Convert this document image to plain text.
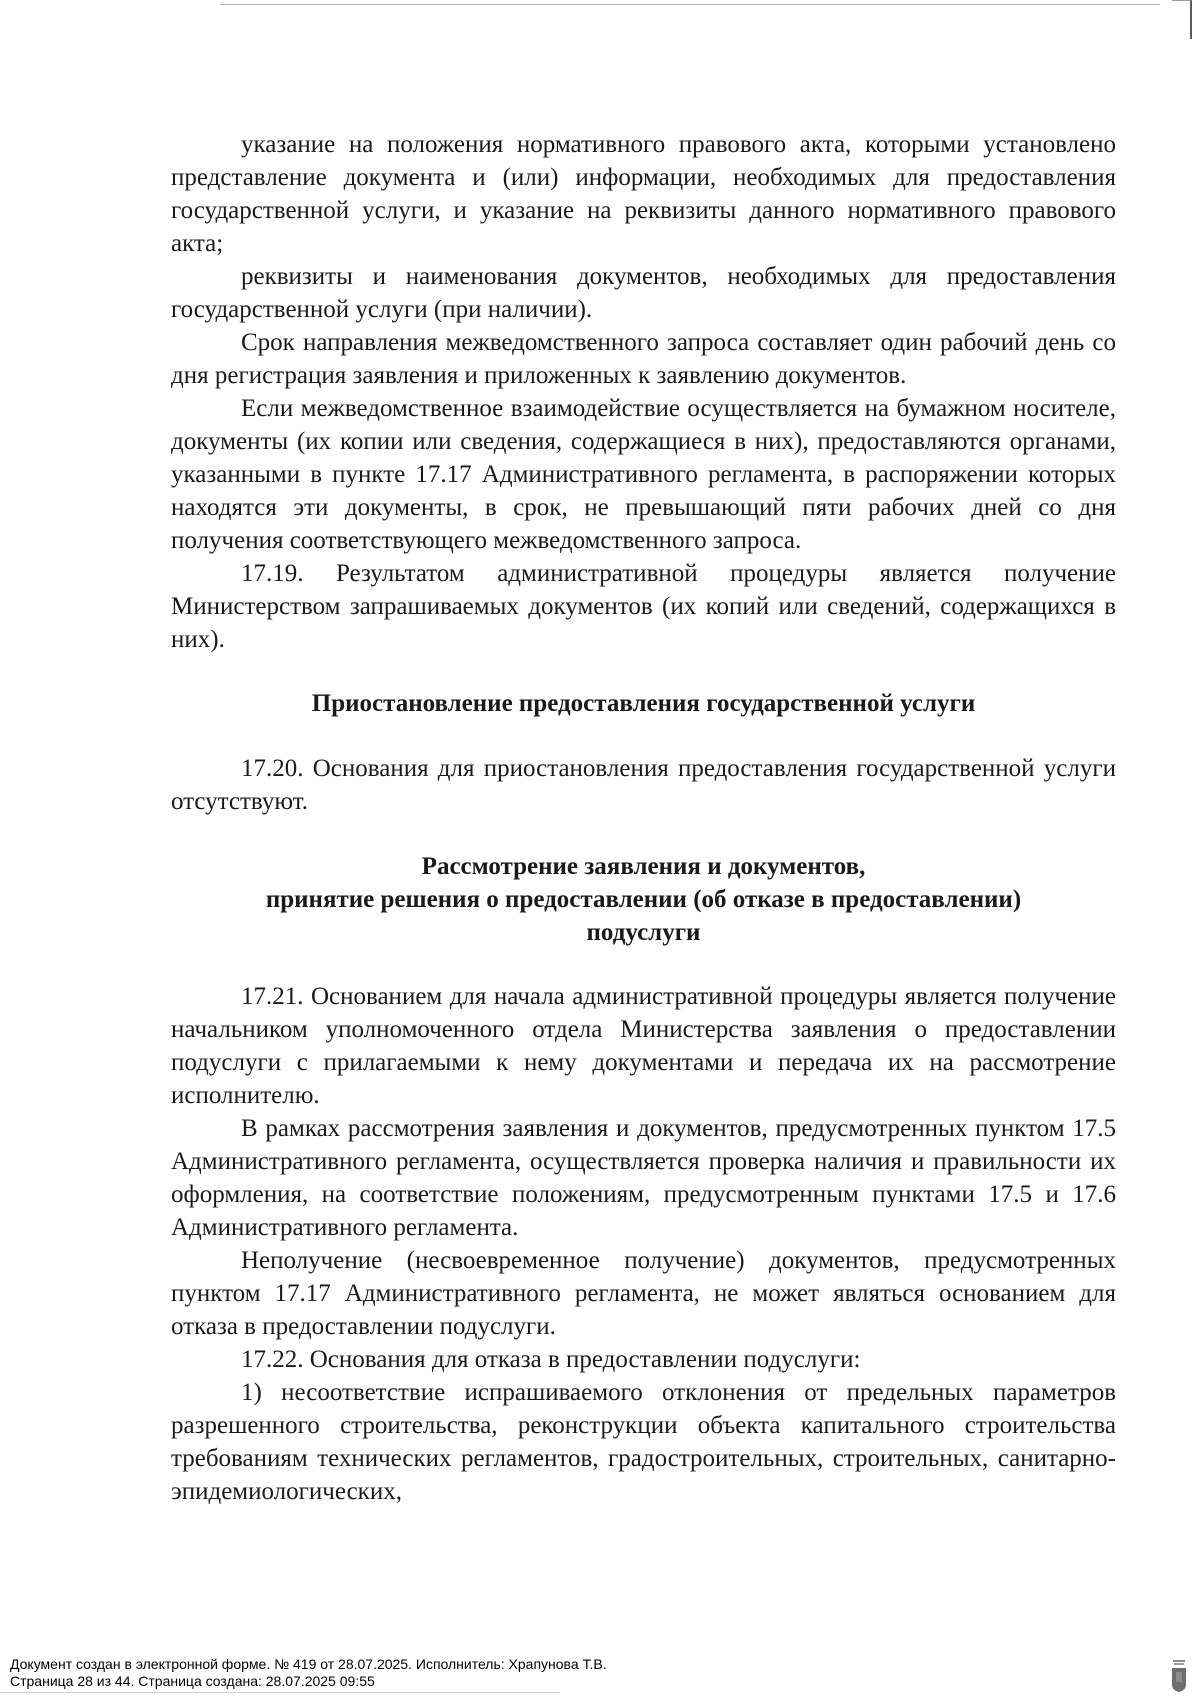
указание на положения нормативного правового акта, которыми установлено представление документа и (или) информации, необходимых для предоставления государственной услуги, и указание на реквизиты данного нормативного правового акта;

реквизиты и наименования документов, необходимых для предоставления государственной услуги (при наличии).

Срок направления межведомственного запроса составляет один рабочий день со дня регистрация заявления и приложенных к заявлению документов.

Если межведомственное взаимодействие осуществляется на бумажном носителе, документы (их копии или сведения, содержащиеся в них), предоставляются органами, указанными в пункте 17.17 Административного регламента, в распоряжении которых находятся эти документы, в срок, не превышающий пяти рабочих дней со дня получения соответствующего межведомственного запроса.

17.19. Результатом административной процедуры является получение Министерством запрашиваемых документов (их копий или сведений, содержащихся в них).

Приостановление предоставления государственной услуги

17.20. Основания для приостановления предоставления государственной услуги отсутствуют.

Рассмотрение заявления и документов,
принятие решения о предоставлении (об отказе в предоставлении)
подуслуги

17.21. Основанием для начала административной процедуры является получение начальником уполномоченного отдела Министерства заявления о предоставлении подуслуги с прилагаемыми к нему документами и передача их на рассмотрение исполнителю.

В рамках рассмотрения заявления и документов, предусмотренных пунктом 17.5 Административного регламента, осуществляется проверка наличия и правильности их оформления, на соответствие положениям, предусмотренным пунктами 17.5 и 17.6 Административного регламента.

Неполучение (несвоевременное получение) документов, предусмотренных пунктом 17.17 Административного регламента, не может являться основанием для отказа в предоставлении подуслуги.

17.22. Основания для отказа в предоставлении подуслуги:

1) несоответствие испрашиваемого отклонения от предельных параметров разрешенного строительства, реконструкции объекта капитального строительства требованиям технических регламентов, градостроительных, строительных, санитарно-эпидемиологических,

Документ создан в электронной форме. № 419 от 28.07.2025. Исполнитель: Храпунова Т.В.
Страница 28 из 44. Страница создана: 28.07.2025 09:55
